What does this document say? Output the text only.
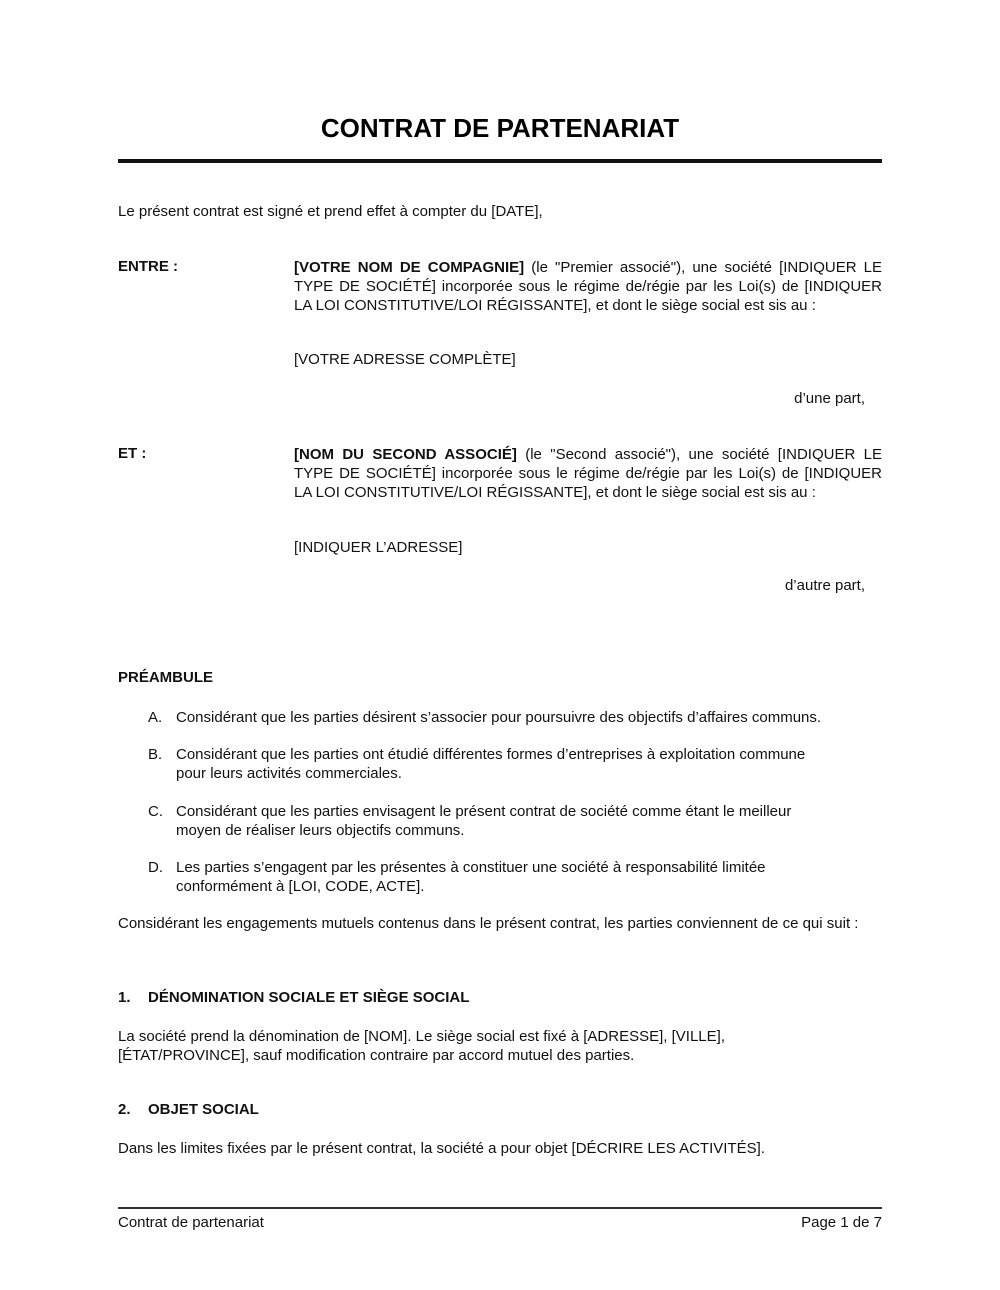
CONTRAT DE PARTENARIAT

Le présent contrat est signé et prend effet à compter du [DATE],

ENTRE :	[VOTRE NOM DE COMPAGNIE] (le "Premier associé"), une société [INDIQUER LE TYPE DE SOCIÉTÉ] incorporée sous le régime de/régie par les Loi(s) de [INDIQUER LA LOI CONSTITUTIVE/LOI RÉGISSANTE], et dont le siège social est sis au :
[VOTRE ADRESSE COMPLÈTE]
d’une part,
ET :	[NOM DU SECOND ASSOCIÉ] (le "Second associé"), une société [INDIQUER LE TYPE DE SOCIÉTÉ] incorporée sous le régime de/régie par les Loi(s) de [INDIQUER LA LOI CONSTITUTIVE/LOI RÉGISSANTE], et dont le siège social est sis au :
[INDIQUER L’ADRESSE]
d’autre part,
PRÉAMBULE
A. Considérant que les parties désirent s’associer pour poursuivre des objectifs d’affaires communs.
B. Considérant que les parties ont étudié différentes formes d’entreprises à exploitation commune pour leurs activités commerciales.
C. Considérant que les parties envisagent le présent contrat de société comme étant le meilleur moyen de réaliser leurs objectifs communs.
D. Les parties s’engagent par les présentes à constituer une société à responsabilité limitée conformément à [LOI, CODE, ACTE].

Considérant les engagements mutuels contenus dans le présent contrat, les parties conviennent de ce qui suit :

1. DÉNOMINATION SOCIALE ET SIÈGE SOCIAL

La société prend la dénomination de [NOM]. Le siège social est fixé à [ADRESSE], [VILLE], [ÉTAT/PROVINCE], sauf modification contraire par accord mutuel des parties.

2. OBJET SOCIAL

Dans les limites fixées par le présent contrat, la société a pour objet [DÉCRIRE LES ACTIVITÉS].

Contrat de partenariat	Page 1 de 7
